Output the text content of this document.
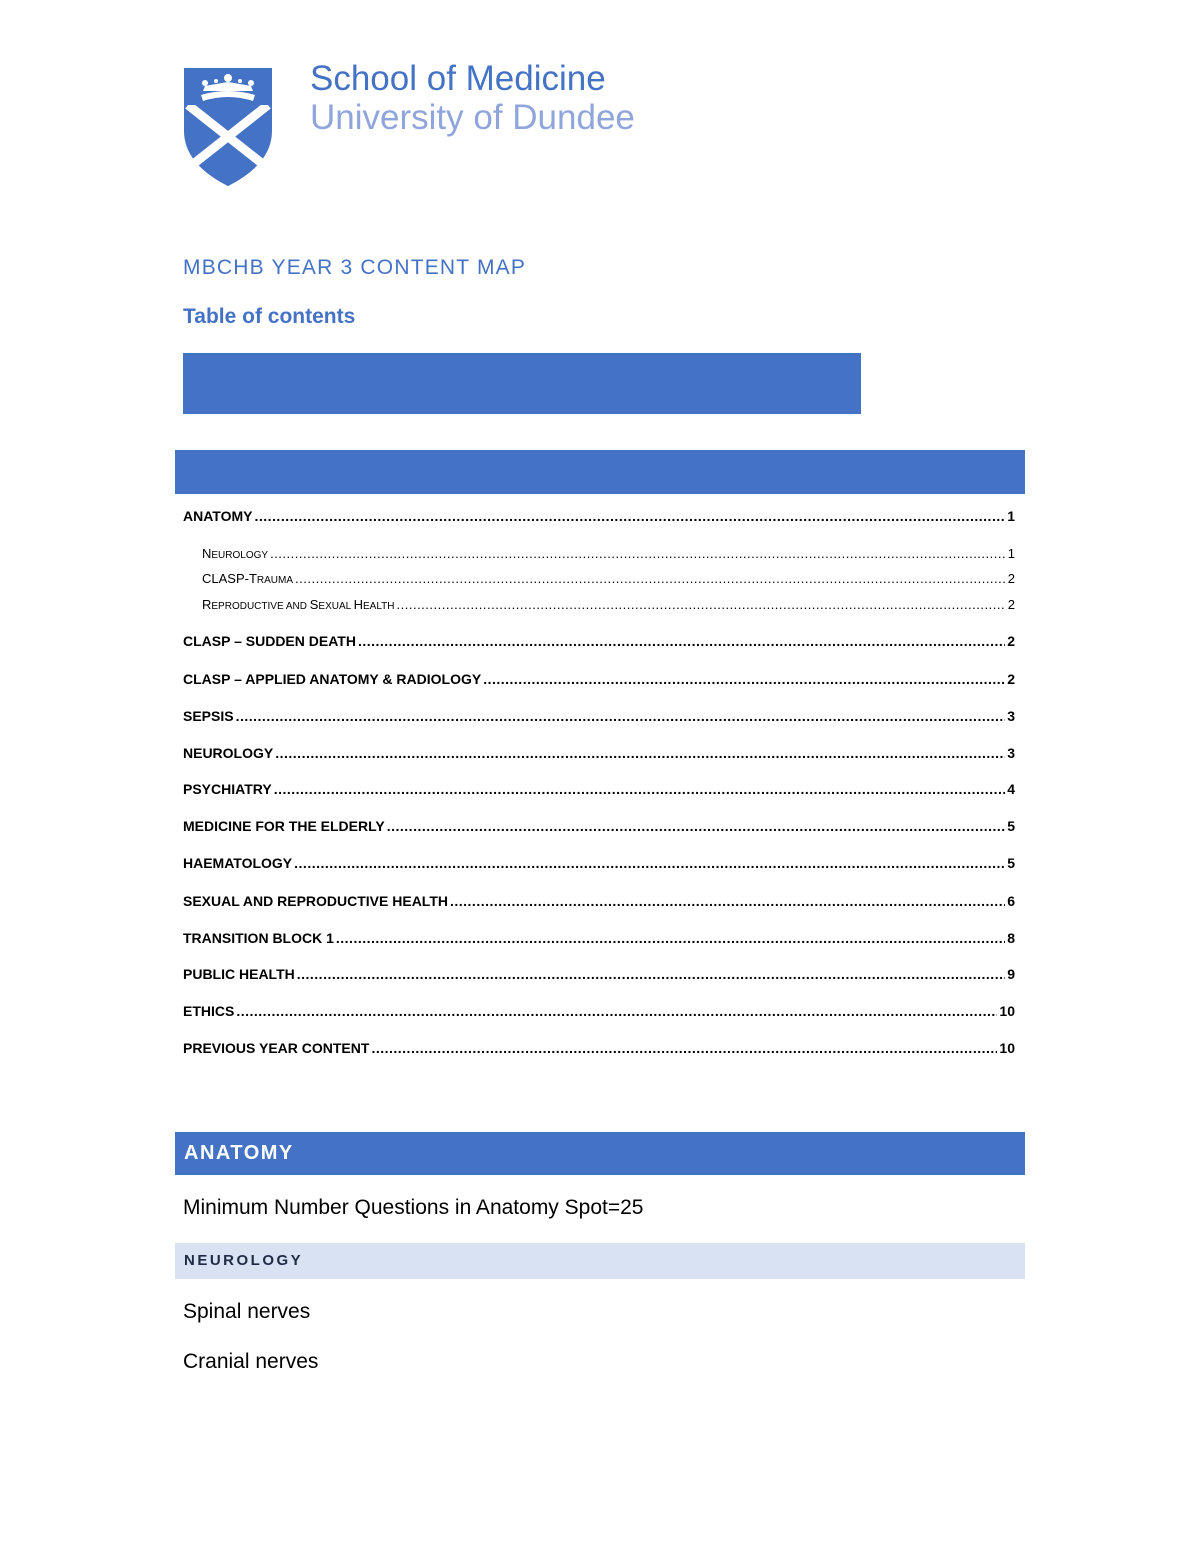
School of Medicine
University of Dundee
MBCHB YEAR 3 CONTENT MAP
Table of contents
ANATOMY .....	1
NEUROLOGY .....	1
CLASP-TRAUMA .....	2
REPRODUCTIVE AND SEXUAL HEALTH .....	2
CLASP – SUDDEN DEATH .....	2
CLASP – APPLIED ANATOMY & RADIOLOGY .....	2
SEPSIS .....	3
NEUROLOGY .....	3
PSYCHIATRY .....	4
MEDICINE FOR THE ELDERLY .....	5
HAEMATOLOGY .....	5
SEXUAL AND REPRODUCTIVE HEALTH .....	6
TRANSITION BLOCK 1 .....	8
PUBLIC HEALTH .....	9
ETHICS .....	10
PREVIOUS YEAR CONTENT .....	10
ANATOMY
Minimum Number Questions in Anatomy Spot=25
NEUROLOGY
Spinal nerves
Cranial nerves
